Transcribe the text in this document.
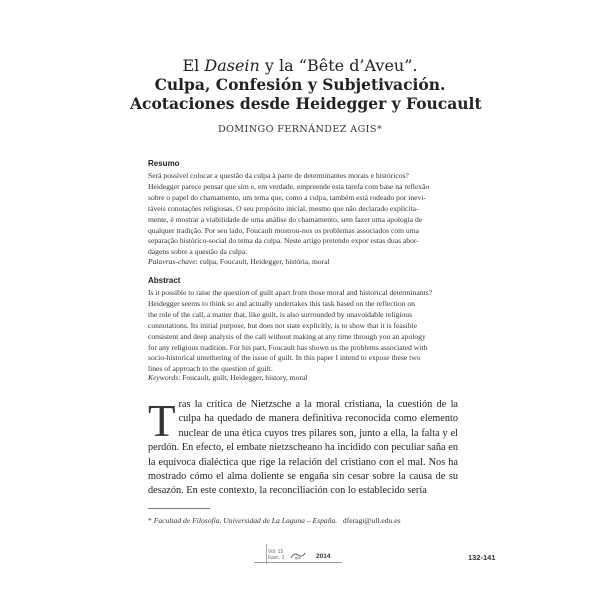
El Dasein y la “Bête d’Aveu”.
Culpa, Confesión y Subjetivación.
Acotaciones desde Heidegger y Foucault
DOMINGO FERNÁNDEZ AGIS*
Resumo

Será possível colocar a questão da culpa à parte de determinantes morais e históricos?
Heidegger parece pensar que sim e, em verdade, empreende esta tarefa com base na reflexão
sobre o papel do chamamento, um tema que, como a culpa, também está rodeado por inevi-
táveis conotações religiosas. O seu propósito inicial, mesmo que não declarado explicita-
mente, é mostrar a viabilidade de uma análise do chamamento, sem fazer uma apologia de
qualquer tradição. Por seu lado, Foucault mostrou-nos os problemas associados com uma
separação histórico-social do tema da culpa. Neste artigo pretendo expor estas duas abor-
dagens sobre a questão da culpa.

Palavras-chave: culpa, Foucault, Heidegger, história, moral
Abstract

Is it possible to raise the question of guilt apart from those moral and historical determinants?
Heidegger seems to think so and actually undertakes this task based on the reflection on
the role of the call, a matter that, like guilt, is also surrounded by unavoidable religious
connotations. Its initial purpose, but does not state explicitly, is to show that it is feasible
consistent and deep analysis of the call without making at any time through you an apology
for any religious tradition. For his part, Foucault has shown us the problems associated with
socio-historical untethering of the issue of guilt. In this paper I intend to expose these two
lines of approach to the question of guilt.

Keywords: Foucault, guilt, Heidegger, history, moral

Tras la crítica de Nietzsche a la moral cristiana, la cuestión de la culpa ha quedado de manera definitiva reconocida como elemento nuclear de una ética cuyos tres pilares son, junto a ella, la falta y el perdón. En efecto, el embate nietzscheano ha incidido con peculiar saña en la equívoca dialéctica que rige la relación del cristiano con el mal. Nos ha mostrado cómo el alma doliente se engaña sin cesar sobre la causa de su desazón. En este contexto, la reconciliación con lo establecido sería

* Facultad de Filosofía, Universidad de La Laguna – España. dferagi@ull.edu.es
Vol. 15
Fasc. 1	RFF 2014	132-141
